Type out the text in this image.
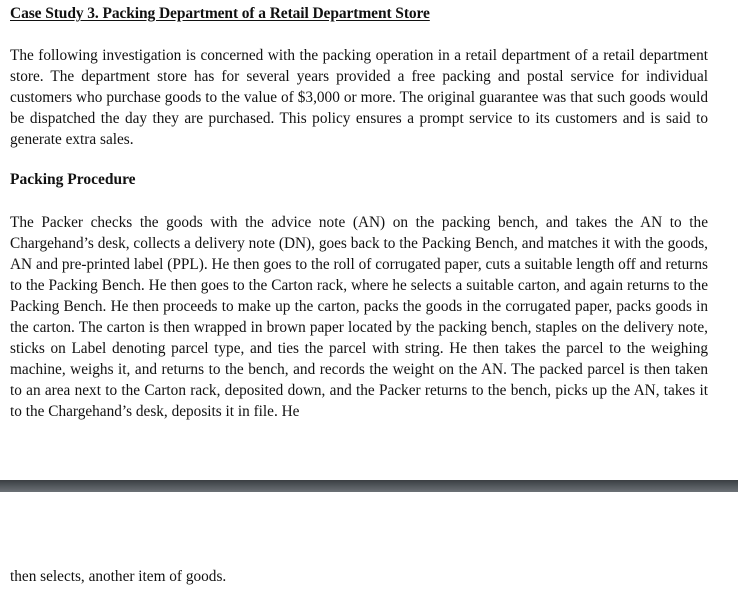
Case Study 3. Packing Department of a Retail Department Store

The following investigation is concerned with the packing operation in a retail department of a retail department store. The department store has for several years provided a free packing and postal service for individual customers who purchase goods to the value of $3,000 or more. The original guarantee was that such goods would be dispatched the day they are purchased. This policy ensures a prompt service to its customers and is said to generate extra sales.

Packing Procedure

The Packer checks the goods with the advice note (AN) on the packing bench, and takes the AN to the Chargehand’s desk, collects a delivery note (DN), goes back to the Packing Bench, and matches it with the goods, AN and pre-printed label (PPL). He then goes to the roll of corrugated paper, cuts a suitable length off and returns to the Packing Bench. He then goes to the Carton rack, where he selects a suitable carton, and again returns to the Packing Bench. He then proceeds to make up the carton, packs the goods in the corrugated paper, packs goods in the carton. The carton is then wrapped in brown paper located by the packing bench, staples on the delivery note, sticks on Label denoting parcel type, and ties the parcel with string. He then takes the parcel to the weighing machine, weighs it, and returns to the bench, and records the weight on the AN. The packed parcel is then taken to an area next to the Carton rack, deposited down, and the Packer returns to the bench, picks up the AN, takes it to the Chargehand’s desk, deposits it in file. He

then selects, another item of goods.
